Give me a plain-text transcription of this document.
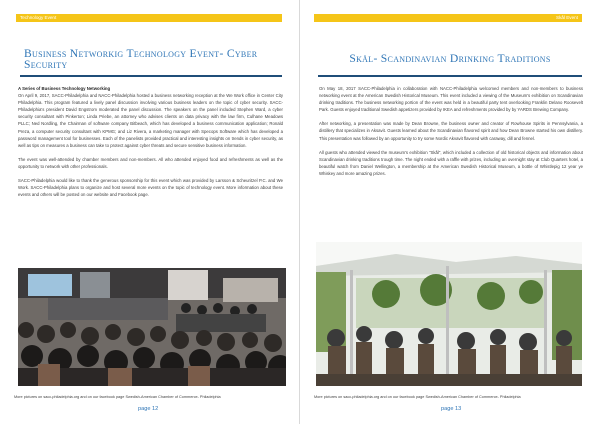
Technology Event
Business Networkig Technology Event- Cyber Security

A Series of Business Technology Networking

On April 9, 2017, SACC-Philadelphia and NACC-Philadelphia hosted a business networking reception at the We Work office in Center City Philadelphia. This program featured a lively panel discussion involving various business leaders on the topic of cyber security. SACC-Philadelphia's president David Engstrom moderated the panel discussion. The speakers on the panel included Stephen Ward, a cyber security consultant with Pinkerton; Linda Priebe, an attorney who advises clients on data privacy with the law firm, Culhane Meadows PLLC; Ned Nordling, the Chairman of software company Bitbeach, which has developed a business communication application; Ronald Preza, a computer security consultant with KPMG; and Liz Rivera, a marketing manager with Specops Software which has developed a password management tool for businesses. Each of the panelists provided practical and interesting insights on trends in cyber security, as well as tips on measures a business can take to protect against cyber threats and secure sensitive business information.

The event was well-attended by chamber members and non-members. All who attended enjoyed food and refreshments as well as the opportunity to network with other professionals.

SACC-Philadelphia would like to thank the generous sponsorship for this event which was provided by Larsson & Scheuritzel P.C. and We Work. SACC-Philadelphia plans to organize and host several more events on the topic of technology event. More information about these events and others will be posted on our website and Facebook page.

More pictures on sacc-philadelphia.org and on our facebook page Swedish-American Chamber of Commerce- Philadelphia
page 12
Skål Event
Skål- Scandinavian Drinking Traditions

On May 18, 2017 SACC-Philadelphia in collaboration with NACC-Philadelphia welcomed members and non-members to business networking event at the American Swedish Historical Museum. This event included a viewing of the Museum's exhibition on Scandinavian drinking traditions. The business networking portion of the event was held in a beautiful party tent overlooking Franklin Delano Roosevelt Park. Guests enjoyed traditional Swedish appetizers provided by IKEA and refreshments provided by by YARDS Brewing Company.

After networking, a presentation was made by Dean Browne, the business owner and creator of Rowhouse Spirits in Pennsylvania, a distillery that specializes in Aksavit. Guests learned about the Scandinavian flavored spirit and how Dean Browne started his own distillery. This presentation was followed by an opportunity to try some Nordic Akvavit flavored with caraway, dill and fennel.

All guests who attended viewed the museum's exhibition "Skål", which included a collection of old historical objects and information about Scandinavian drinking traditions trough time. The night ended with a raffle with prizes, including an overnight stay at Club Quarters hotel, a beautiful watch from Daniel Wellington, a membership at the American Swedish Historical Museum, a bottle of Whistlepig 12 year ye Whiskey and more amazing prizes.

More pictures on sacc-philadelphia.org and on our facebook page Swedish-American Chamber of Commerce- Philadelphia
page 13
